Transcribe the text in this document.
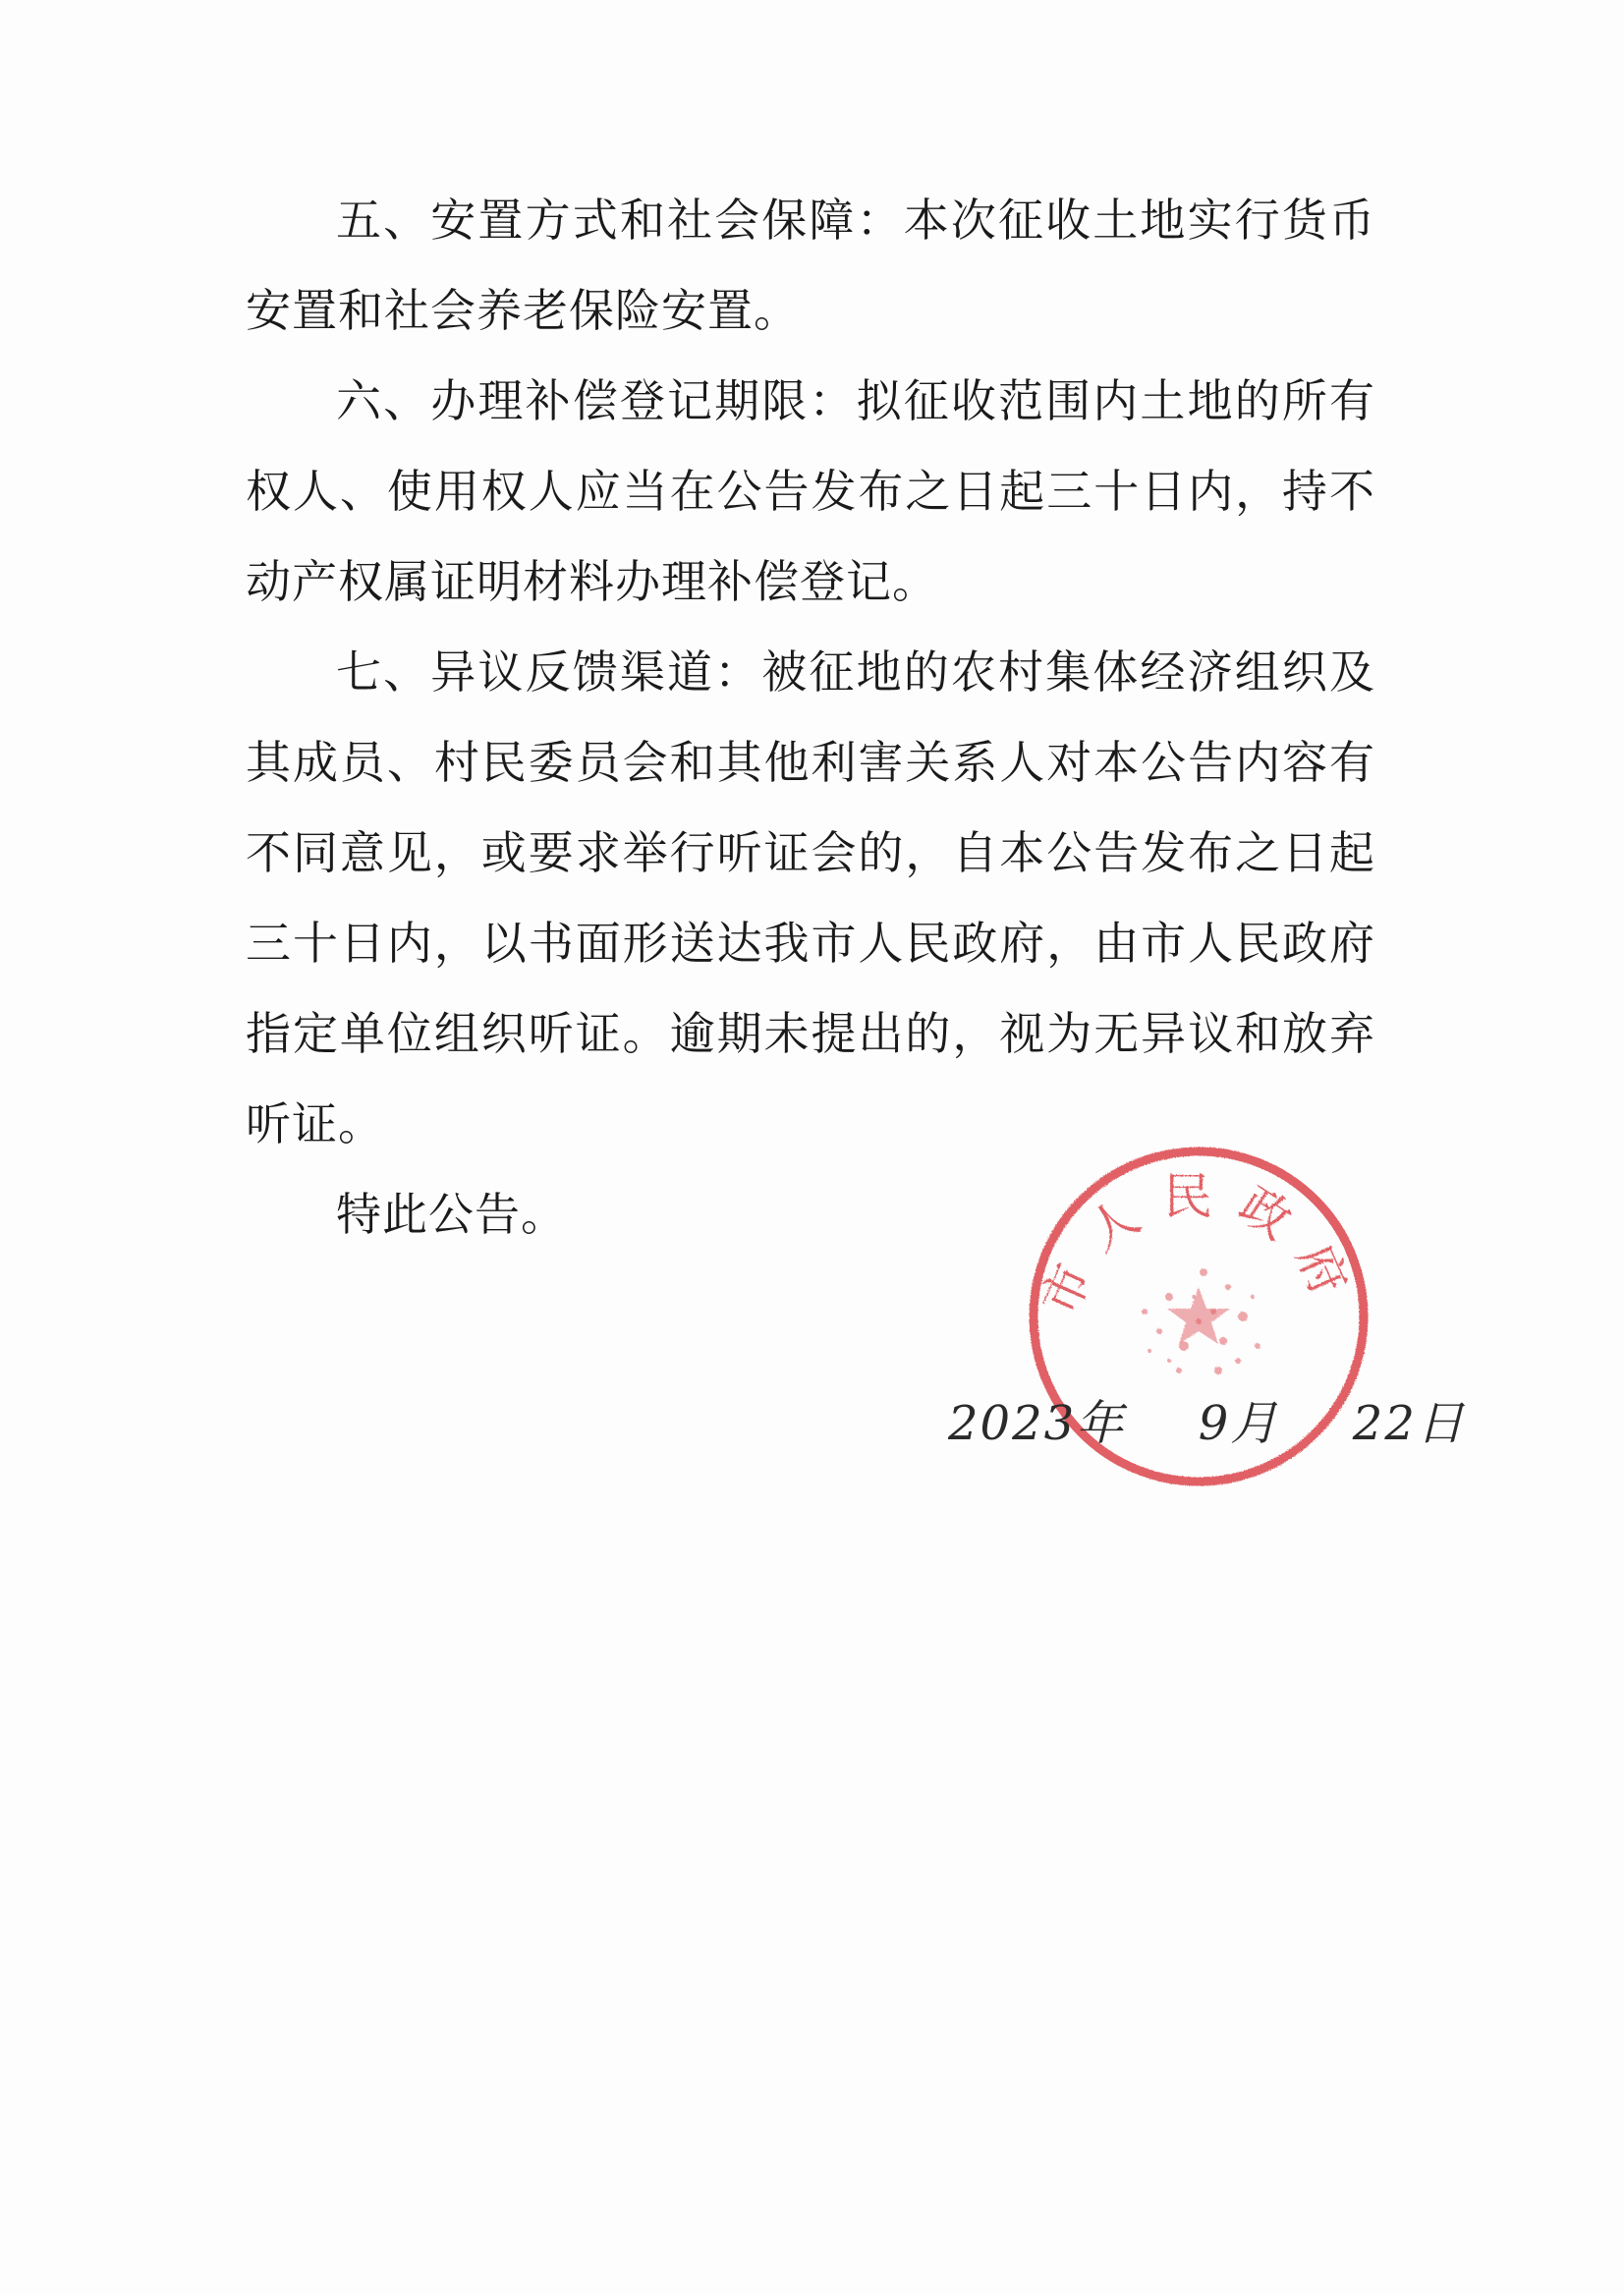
五、安置方式和社会保障：本次征收土地实行货币安置和社会养老保险安置。

六、办理补偿登记期限：拟征收范围内土地的所有权人、使用权人应当在公告发布之日起三十日内，持不动产权属证明材料办理补偿登记。

七、异议反馈渠道：被征地的农村集体经济组织及其成员、村民委员会和其他利害关系人对本公告内容有不同意见，或要求举行听证会的，自本公告发布之日起三十日内，以书面形送达我市人民政府，由市人民政府指定单位组织听证。逾期未提出的，视为无异议和放弃听证。

特此公告。

市人民政府
2023年 9月 22日
